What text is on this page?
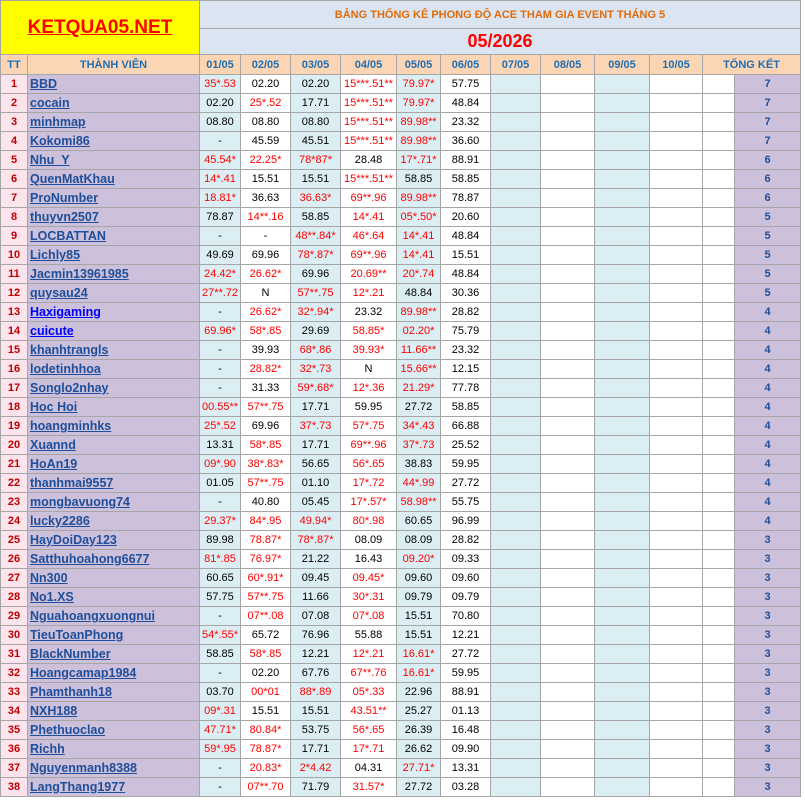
KETQUA05.NET		BẢNG THỐNG KÊ PHONG ĐỘ ACE THAM GIA EVENT THÁNG 5											
		05/2026											
TT	THÀNH VIÊN	01/05	02/05	03/05	04/05	05/05	06/05	07/05	08/05	09/05	10/05	TỔNG KẾT	
1	BBD	35*.53	02.20	02.20	15***.51**	79.97*	57.75						7
2	cocain	02.20	25*.52	17.71	15***.51**	79.97*	48.84						7
3	minhmap	08.80	08.80	08.80	15***.51**	89.98**	23.32						7
4	Kokomi86	-	45.59	45.51	15***.51**	89.98**	36.60						7
5	Nhu_Y	45.54*	22.25*	78*87*	28.48	17*.71*	88.91						6
6	QuenMatKhau	14*.41	15.51	15.51	15***.51**	58.85	58.85						6
7	ProNumber	18.81*	36.63	36.63*	69**.96	89.98**	78.87						6
8	thuyvn2507	78.87	14**.16	58.85	14*.41	05*.50*	20.60						5
9	LOCBATTAN	-	-	48**.84*	46*.64	14*.41	48.84						5
10	Lichly85	49.69	69.96	78*.87*	69**.96	14*.41	15.51						5
11	Jacmin13961985	24.42*	26.62*	69.96	20.69**	20*.74	48.84						5
12	quysau24	27**.72	N	57**.75	12*.21	48.84	30.36						5
13	Haxigaming	-	26.62*	32*.94*	23.32	89.98**	28.82						4
14	cuicute	69.96*	58*.85	29.69	58.85*	02.20*	75.79						4
15	khanhtrangls	-	39.93	68*.86	39.93*	11.66**	23.32						4
16	lodetinhhoa	-	28.82*	32*.73	N	15.66**	12.15						4
17	Songlo2nhay	-	31.33	59*.68*	12*.36	21.29*	77.78						4
18	Hoc Hoi	00.55**	57**.75	17.71	59.95	27.72	58.85						4
19	hoangminhks	25*.52	69.96	37*.73	57*.75	34*.43	66.88						4
20	Xuannd	13.31	58*.85	17.71	69**.96	37*.73	25.52						4
21	HoAn19	09*.90	38*.83*	56.65	56*.65	38.83	59.95						4
22	thanhmai9557	01.05	57**.75	01.10	17*.72	44*.99	27.72						4
23	mongbavuong74	-	40.80	05.45	17*.57*	58.98**	55.75						4
24	lucky2286	29.37*	84*.95	49.94*	80*.98	60.65	96.99						4
25	HayDoiDay123	89.98	78.87*	78*.87*	08.09	08.09	28.82						3
26	Satthuhoahong6677	81*.85	76.97*	21.22	16.43	09.20*	09.33						3
27	Nn300	60.65	60*.91*	09.45	09.45*	09.60	09.60						3
28	No1.XS	57.75	57**.75	11.66	30*.31	09.79	09.79						3
29	Nguahoangxuongnui	-	07**.08	07.08	07*.08	15.51	70.80						3
30	TieuToanPhong	54*.55*	65.72	76.96	55.88	15.51	12.21						3
31	BlackNumber	58.85	58*.85	12.21	12*.21	16.61*	27.72						3
32	Hoangcamap1984	-	02.20	67.76	67**.76	16.61*	59.95						3
33	Phamthanh18	03.70	00*01	88*.89	05*.33	22.96	88.91						3
34	NXH188	09*.31	15.51	15.51	43.51**	25.27	01.13						3
35	Phethuoclao	47.71*	80.84*	53.75	56*.65	26.39	16.48						3
36	Richh	59*.95	78.87*	17.71	17*.71	26.62	09.90						3
37	Nguyenmanh8388	-	20.83*	2*4.42	04.31	27.71*	13.31						3
38	LangThang1977	-	07**.70	71.79	31.57*	27.72	03.28						3
